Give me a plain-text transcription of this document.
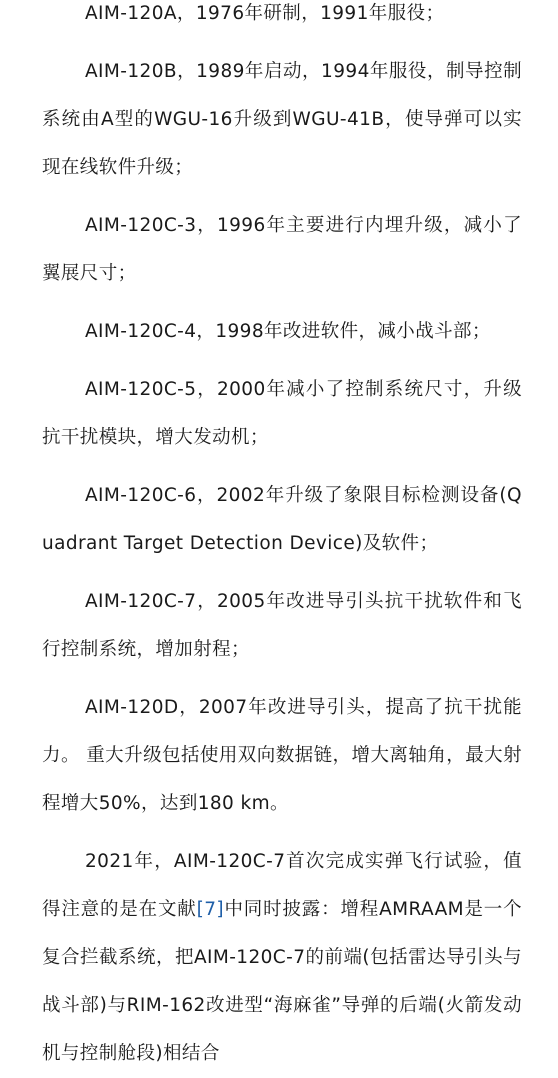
AIM-120A，1976年研制，1991年服役；

AIM-120B，1989年启动，1994年服役，制导控制系统由A型的WGU-16升级到WGU-41B，使导弹可以实现在线软件升级；

AIM-120C-3，1996年主要进行内埋升级，减小了翼展尺寸；

AIM-120C-4，1998年改进软件，减小战斗部；

AIM-120C-5，2000年减小了控制系统尺寸，升级抗干扰模块，增大发动机；

AIM-120C-6，2002年升级了象限目标检测设备(Quadrant Target Detection Device)及软件；

AIM-120C-7，2005年改进导引头抗干扰软件和飞行控制系统，增加射程；

AIM-120D，2007年改进导引头，提高了抗干扰能力。 重大升级包括使用双向数据链，增大离轴角，最大射程增大50%，达到180 km。

2021年，AIM-120C-7首次完成实弹飞行试验，值得注意的是在文献[7]中同时披露：增程AMRAAM是一个复合拦截系统，把AIM-120C-7的前端(包括雷达导引头与战斗部)与RIM-162改进型“海麻雀”导弹的后端(火箭发动机与控制舱段)相结合
